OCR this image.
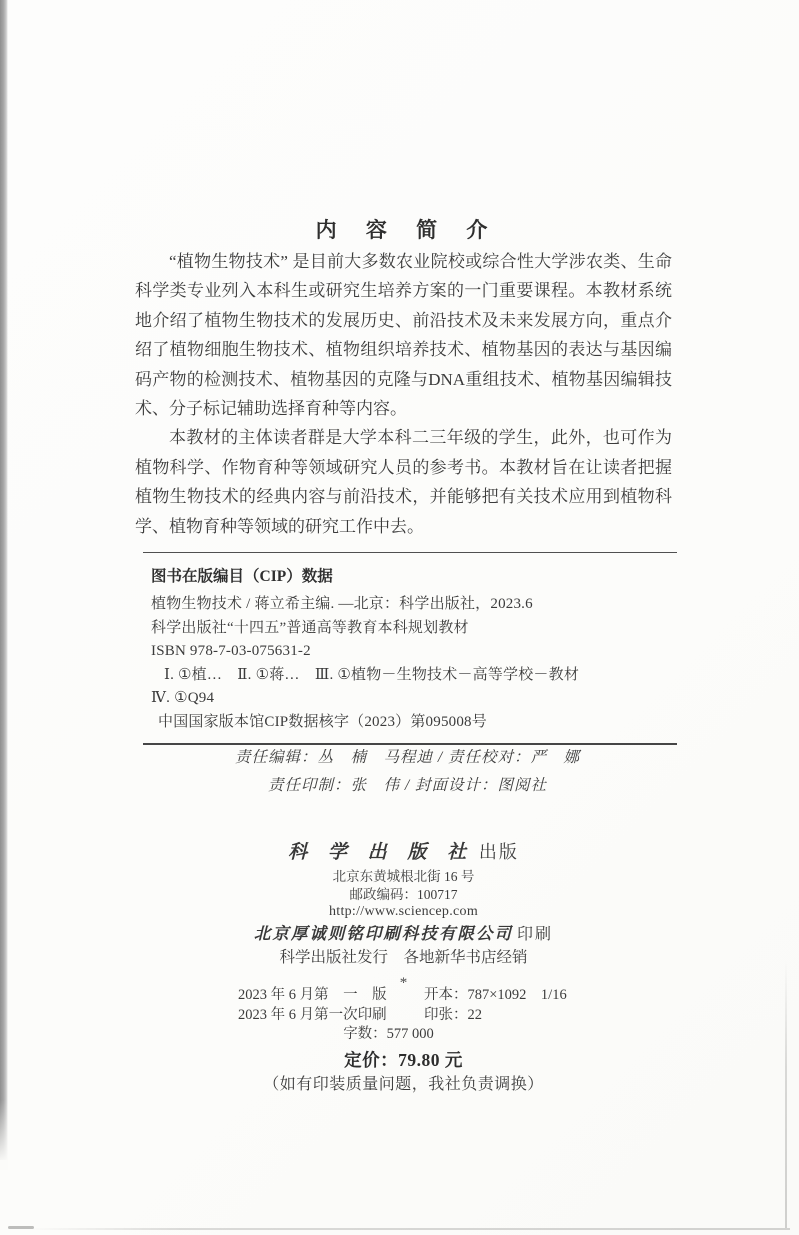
内 容 简 介

“植物生物技术” 是目前大多数农业院校或综合性大学涉农类、生命科学类专业列入本科生或研究生培养方案的一门重要课程。本教材系统地介绍了植物生物技术的发展历史、前沿技术及未来发展方向，重点介绍了植物细胞生物技术、植物组织培养技术、植物基因的表达与基因编码产物的检测技术、植物基因的克隆与DNA重组技术、植物基因编辑技术、分子标记辅助选择育种等内容。

本教材的主体读者群是大学本科二三年级的学生，此外，也可作为植物科学、作物育种等领域研究人员的参考书。本教材旨在让读者把握植物生物技术的经典内容与前沿技术，并能够把有关技术应用到植物科学、植物育种等领域的研究工作中去。

图书在版编目（CIP）数据
植物生物技术 / 蒋立希主编. —北京：科学出版社，2023.6
科学出版社“十四五”普通高等教育本科规划教材
ISBN 978-7-03-075631-2
Ⅰ. ①植…　Ⅱ. ①蒋…　Ⅲ. ①植物－生物技术－高等学校－教材
Ⅳ. ①Q94
中国国家版本馆CIP数据核字（2023）第095008号
责任编辑：丛　楠　马程迪 / 责任校对：严　娜
责任印制：张　伟 / 封面设计：图阅社
科 学 出 版 社 出版
北京东黄城根北街 16 号
邮政编码：100717
http://www.sciencep.com
北京厚诚则铭印刷科技有限公司 印刷
科学出版社发行　各地新华书店经销
*
2023 年 6 月第　一　版	开本：787×1092　1/16
2023 年 6 月第一次印刷	印张：22
字数：577 000
定价：79.80 元
（如有印装质量问题，我社负责调换）
